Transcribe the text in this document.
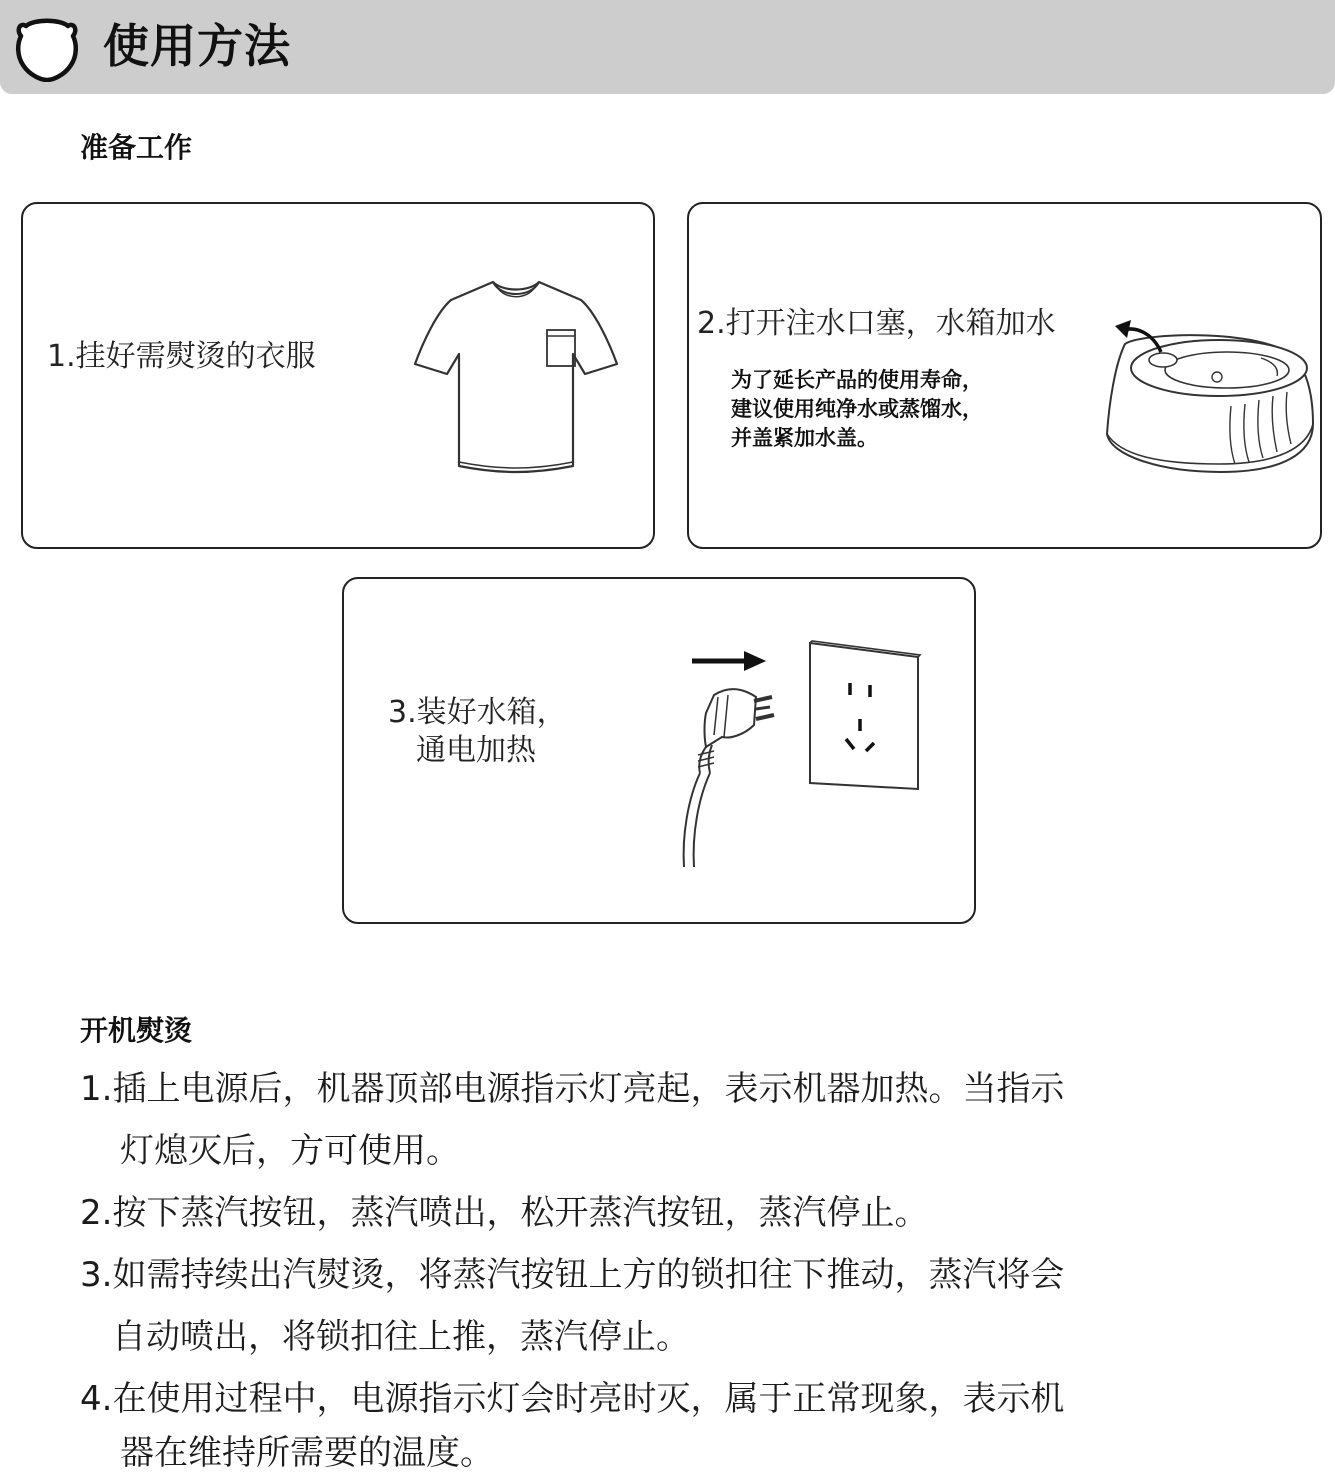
使用方法
准备工作
1.挂好需熨烫的衣服
2.打开注水口塞，水箱加水
为了延长产品的使用寿命，
建议使用纯净水或蒸馏水，
并盖紧加水盖。
3.装好水箱，
通电加热
开机熨烫
1.插上电源后，机器顶部电源指示灯亮起，表示机器加热。当指示
灯熄灭后，方可使用。
2.按下蒸汽按钮，蒸汽喷出，松开蒸汽按钮，蒸汽停止。
3.如需持续出汽熨烫，将蒸汽按钮上方的锁扣往下推动，蒸汽将会
自动喷出，将锁扣往上推，蒸汽停止。
4.在使用过程中，电源指示灯会时亮时灭，属于正常现象，表示机
器在维持所需要的温度。
